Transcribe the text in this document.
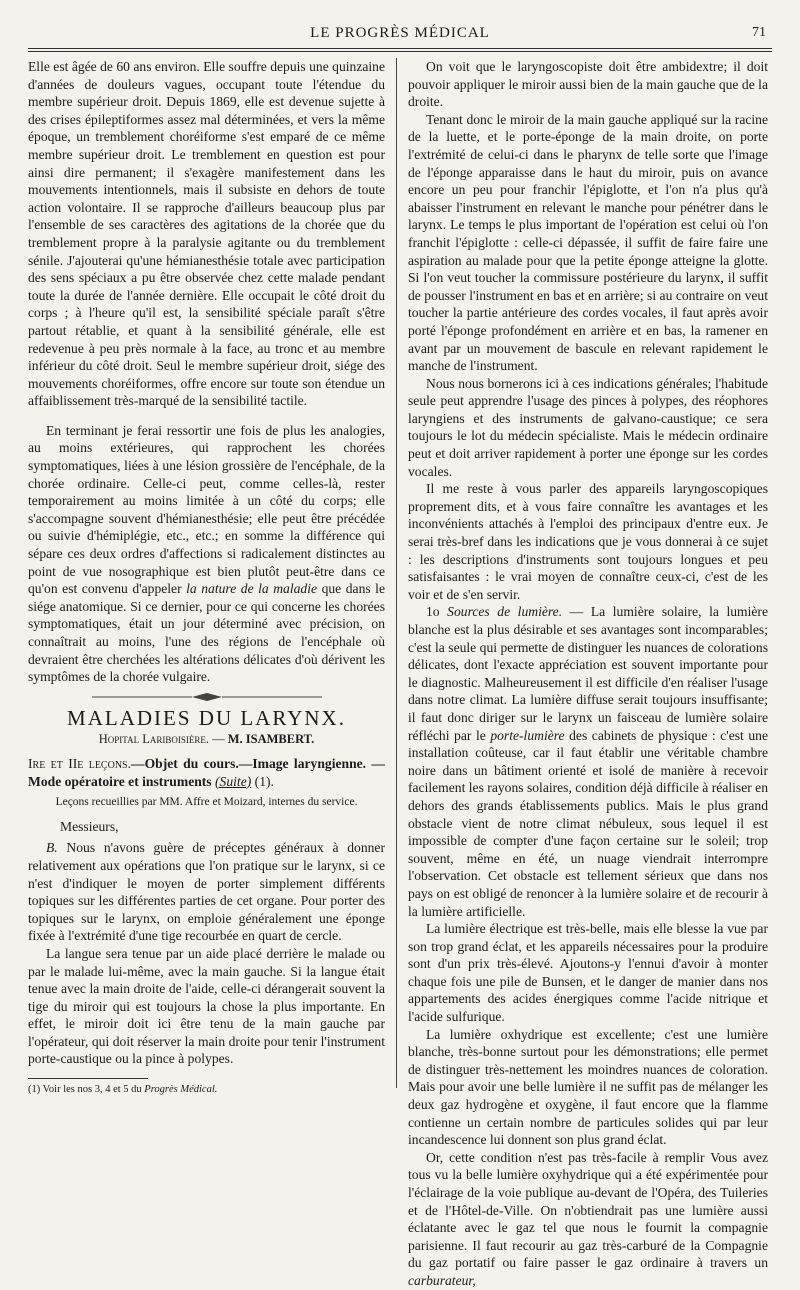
LE PROGRÈS MÉDICAL	71

Elle est âgée de 60 ans environ. Elle souffre depuis une quinzaine d'années de douleurs vagues, occupant toute l'étendue du membre supérieur droit. Depuis 1869, elle est devenue sujette à des crises épileptiformes assez mal déterminées, et vers la même époque, un tremblement choréiforme s'est emparé de ce même membre supérieur droit. Le tremblement en question est pour ainsi dire permanent; il s'exagère manifestement dans les mouvements intentionnels, mais il subsiste en dehors de toute action volontaire. Il se rapproche d'ailleurs beaucoup plus par l'ensemble de ses caractères des agitations de la chorée que du tremblement propre à la paralysie agitante ou du tremblement sénile. J'ajouterai qu'une hémianesthésie totale avec participation des sens spéciaux a pu être observée chez cette malade pendant toute la durée de l'année dernière. Elle occupait le côté droit du corps ; à l'heure qu'il est, la sensibilité spéciale paraît s'être partout rétablie, et quant à la sensibilité générale, elle est redevenue à peu près normale à la face, au tronc et au membre inférieur du côté droit. Seul le membre supérieur droit, siége des mouvements choréiformes, offre encore sur toute son étendue un affaiblissement très-marqué de la sensibilité tactile.

En terminant je ferai ressortir une fois de plus les analogies, au moins extérieures, qui rapprochent les chorées symptomatiques, liées à une lésion grossière de l'encéphale, de la chorée ordinaire. Celle-ci peut, comme celles-là, rester temporairement au moins limitée à un côté du corps; elle s'accompagne souvent d'hémianesthésie; elle peut être précédée ou suivie d'hémiplégie, etc., etc.; en somme la différence qui sépare ces deux ordres d'affections si radicalement distinctes au point de vue nosographique est bien plutôt peut-être dans ce qu'on est convenu d'appeler la nature de la maladie que dans le siége anatomique. Si ce dernier, pour ce qui concerne les chorées symptomatiques, était un jour déterminé avec précision, on connaîtrait au moins, l'une des régions de l'encéphale où devraient être cherchées les altérations délicates d'où dérivent les symptômes de la chorée vulgaire.

MALADIES DU LARYNX.
Hopital Lariboisière. — M. ISAMBERT.

Ire et IIe leçons.—Objet du cours.—Image laryngienne. — Mode opératoire et instruments (Suite) (1).

Leçons recueillies par MM. Affre et Moizard, internes du service.

Messieurs,

B. Nous n'avons guère de préceptes généraux à donner relativement aux opérations que l'on pratique sur le larynx, si ce n'est d'indiquer le moyen de porter simplement différents topiques sur les différentes parties de cet organe. Pour porter des topiques sur le larynx, on emploie généralement une éponge fixée à l'extrémité d'une tige recourbée en quart de cercle.

La langue sera tenue par un aide placé derrière le malade ou par le malade lui-même, avec la main gauche. Si la langue était tenue avec la main droite de l'aide, celle-ci dérangerait souvent la tige du miroir qui est toujours la chose la plus importante. En effet, le miroir doit ici être tenu de la main gauche par l'opérateur, qui doit réserver la main droite pour tenir l'instrument porte-caustique ou la pince à polypes.

(1) Voir les nos 3, 4 et 5 du Progrès Médical.

On voit que le laryngoscopiste doit être ambidextre; il doit pouvoir appliquer le miroir aussi bien de la main gauche que de la droite.

Tenant donc le miroir de la main gauche appliqué sur la racine de la luette, et le porte-éponge de la main droite, on porte l'extrémité de celui-ci dans le pharynx de telle sorte que l'image de l'éponge apparaisse dans le haut du miroir, puis on avance encore un peu pour franchir l'épiglotte, et l'on n'a plus qu'à abaisser l'instrument en relevant le manche pour pénétrer dans le larynx. Le temps le plus important de l'opération est celui où l'on franchit l'épiglotte : celle-ci dépassée, il suffit de faire faire une aspiration au malade pour que la petite éponge atteigne la glotte. Si l'on veut toucher la commissure postérieure du larynx, il suffit de pousser l'instrument en bas et en arrière; si au contraire on veut toucher la partie antérieure des cordes vocales, il faut après avoir porté l'éponge profondément en arrière et en bas, la ramener en avant par un mouvement de bascule en relevant rapidement le manche de l'instrument.

Nous nous bornerons ici à ces indications générales; l'habitude seule peut apprendre l'usage des pinces à polypes, des réophores laryngiens et des instruments de galvano-caustique; ce sera toujours le lot du médecin spécialiste. Mais le médecin ordinaire peut et doit arriver rapidement à porter une éponge sur les cordes vocales.

Il me reste à vous parler des appareils laryngoscopiques proprement dits, et à vous faire connaître les avantages et les inconvénients attachés à l'emploi des principaux d'entre eux. Je serai très-bref dans les indications que je vous donnerai à ce sujet : les descriptions d'instruments sont toujours longues et peu satisfaisantes : le vrai moyen de connaître ceux-ci, c'est de les voir et de s'en servir.

1o Sources de lumière. — La lumière solaire, la lumière blanche est la plus désirable et ses avantages sont incomparables; c'est la seule qui permette de distinguer les nuances de colorations délicates, dont l'exacte appréciation est souvent importante pour le diagnostic. Malheureusement il est difficile d'en réaliser l'usage dans notre climat. La lumière diffuse serait toujours insuffisante; il faut donc diriger sur le larynx un faisceau de lumière solaire réfléchi par le porte-lumière des cabinets de physique : c'est une installation coûteuse, car il faut établir une véritable chambre noire dans un bâtiment orienté et isolé de manière à recevoir facilement les rayons solaires, condition déjà difficile à réaliser en dehors des grands établissements publics. Mais le plus grand obstacle vient de notre climat nébuleux, sous lequel il est impossible de compter d'une façon certaine sur le soleil; trop souvent, même en été, un nuage viendrait interrompre l'observation. Cet obstacle est tellement sérieux que dans nos pays on est obligé de renoncer à la lumière solaire et de recourir à la lumière artificielle.

La lumière électrique est très-belle, mais elle blesse la vue par son trop grand éclat, et les appareils nécessaires pour la produire sont d'un prix très-élevé. Ajoutons-y l'ennui d'avoir à monter chaque fois une pile de Bunsen, et le danger de manier dans nos appartements des acides énergiques comme l'acide nitrique et l'acide sulfurique.

La lumière oxhydrique est excellente; c'est une lumière blanche, très-bonne surtout pour les démonstrations; elle permet de distinguer très-nettement les moindres nuances de coloration. Mais pour avoir une belle lumière il ne suffit pas de mélanger les deux gaz hydrogène et oxygène, il faut encore que la flamme contienne un certain nombre de particules solides qui par leur incandescence lui donnent son plus grand éclat.

Or, cette condition n'est pas très-facile à remplir Vous avez tous vu la belle lumière oxyhydrique qui a été expérimentée pour l'éclairage de la voie publique au-devant de l'Opéra, des Tuileries et de l'Hôtel-de-Ville. On n'obtiendrait pas une lumière aussi éclatante avec le gaz tel que nous le fournit la compagnie parisienne. Il faut recourir au gaz très-carburé de la Compagnie du gaz portatif ou faire passer le gaz ordinaire à travers un carburateur,
